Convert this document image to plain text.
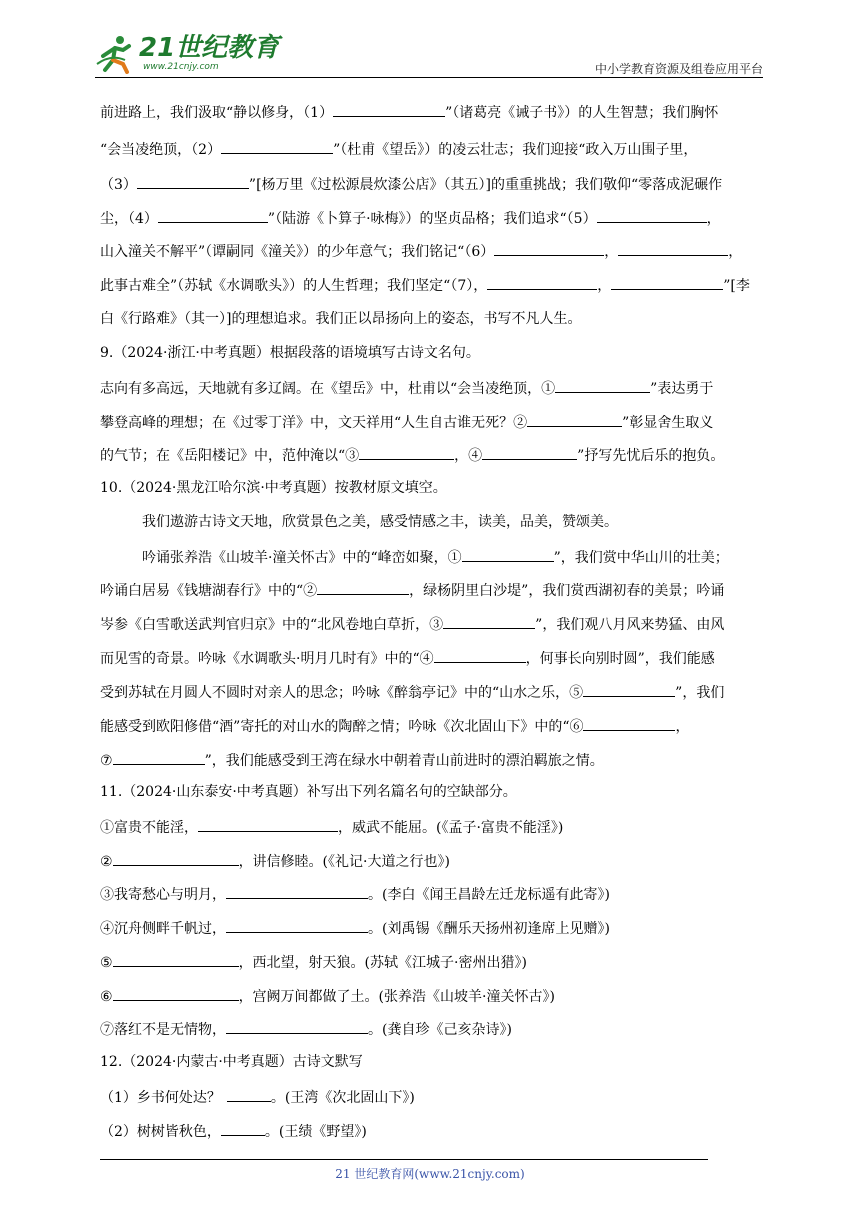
21世纪教育
www.21cnjy.com	中小学教育资源及组卷应用平台
前进路上，我们汲取“静以修身，（1）	”（诸葛亮《诫子书》）的人生智慧；我们胸怀
“会当凌绝顶，（2）	”（杜甫《望岳》）的凌云壮志；我们迎接“政入万山围子里，
（3）	”[杨万里《过松源晨炊漆公店》（其五）]的重重挑战；我们敬仰“零落成泥碾作
尘，（4）	”（陆游《卜算子·咏梅》）的坚贞品格；我们追求“（5）	，
山入潼关不解平”（谭嗣同《潼关》）的少年意气；我们铭记“（6）	，	，
此事古难全”（苏轼《水调歌头》）的人生哲理；我们坚定“（7），	，	”[李
白《行路难》（其一）]的理想追求。我们正以昂扬向上的姿态，书写不凡人生。
9.（2024·浙江·中考真题）根据段落的语境填写古诗文名句。
志向有多高远，天地就有多辽阔。在《望岳》中，杜甫以“会当凌绝顶，①	”表达勇于
攀登高峰的理想；在《过零丁洋》中，文天祥用“人生自古谁无死？②	”彰显舍生取义
的气节；在《岳阳楼记》中，范仲淹以“③	，④	”抒写先忧后乐的抱负。
10.（2024·黑龙江哈尔滨·中考真题）按教材原文填空。
我们遨游古诗文天地，欣赏景色之美，感受情感之丰，读美，品美，赞颂美。
吟诵张养浩《山坡羊·潼关怀古》中的“峰峦如聚，①	”，我们赏中华山川的壮美；
吟诵白居易《钱塘湖春行》中的“②	，绿杨阴里白沙堤”，我们赏西湖初春的美景；吟诵
岑参《白雪歌送武判官归京》中的“北风卷地白草折，③	”，我们观八月风来势猛、由风
而见雪的奇景。吟咏《水调歌头·明月几时有》中的“④	，何事长向别时圆”，我们能感
受到苏轼在月圆人不圆时对亲人的思念；吟咏《醉翁亭记》中的“山水之乐，⑤	”，我们
能感受到欧阳修借“酒”寄托的对山水的陶醉之情；吟咏《次北固山下》中的“⑥	，
⑦	”，我们能感受到王湾在绿水中朝着青山前进时的漂泊羁旅之情。
11.（2024·山东泰安·中考真题）补写出下列名篇名句的空缺部分。
①富贵不能淫，	，威武不能屈。(《孟子·富贵不能淫》)
②	，讲信修睦。(《礼记·大道之行也》)
③我寄愁心与明月，	。(李白《闻王昌龄左迁龙标遥有此寄》)
④沉舟侧畔千帆过，	。(刘禹锡《酬乐天扬州初逢席上见赠》)
⑤	，西北望，射天狼。(苏轼《江城子·密州出猎》)
⑥	，宫阙万间都做了土。(张养浩《山坡羊·潼关怀古》)
⑦落红不是无情物，	。(龚自珍《己亥杂诗》)
12.（2024·内蒙古·中考真题）古诗文默写
（1）乡书何处达？	。(王湾《次北固山下》)
（2）树树皆秋色，	。(王绩《野望》)
21 世纪教育网(www.21cnjy.com)
